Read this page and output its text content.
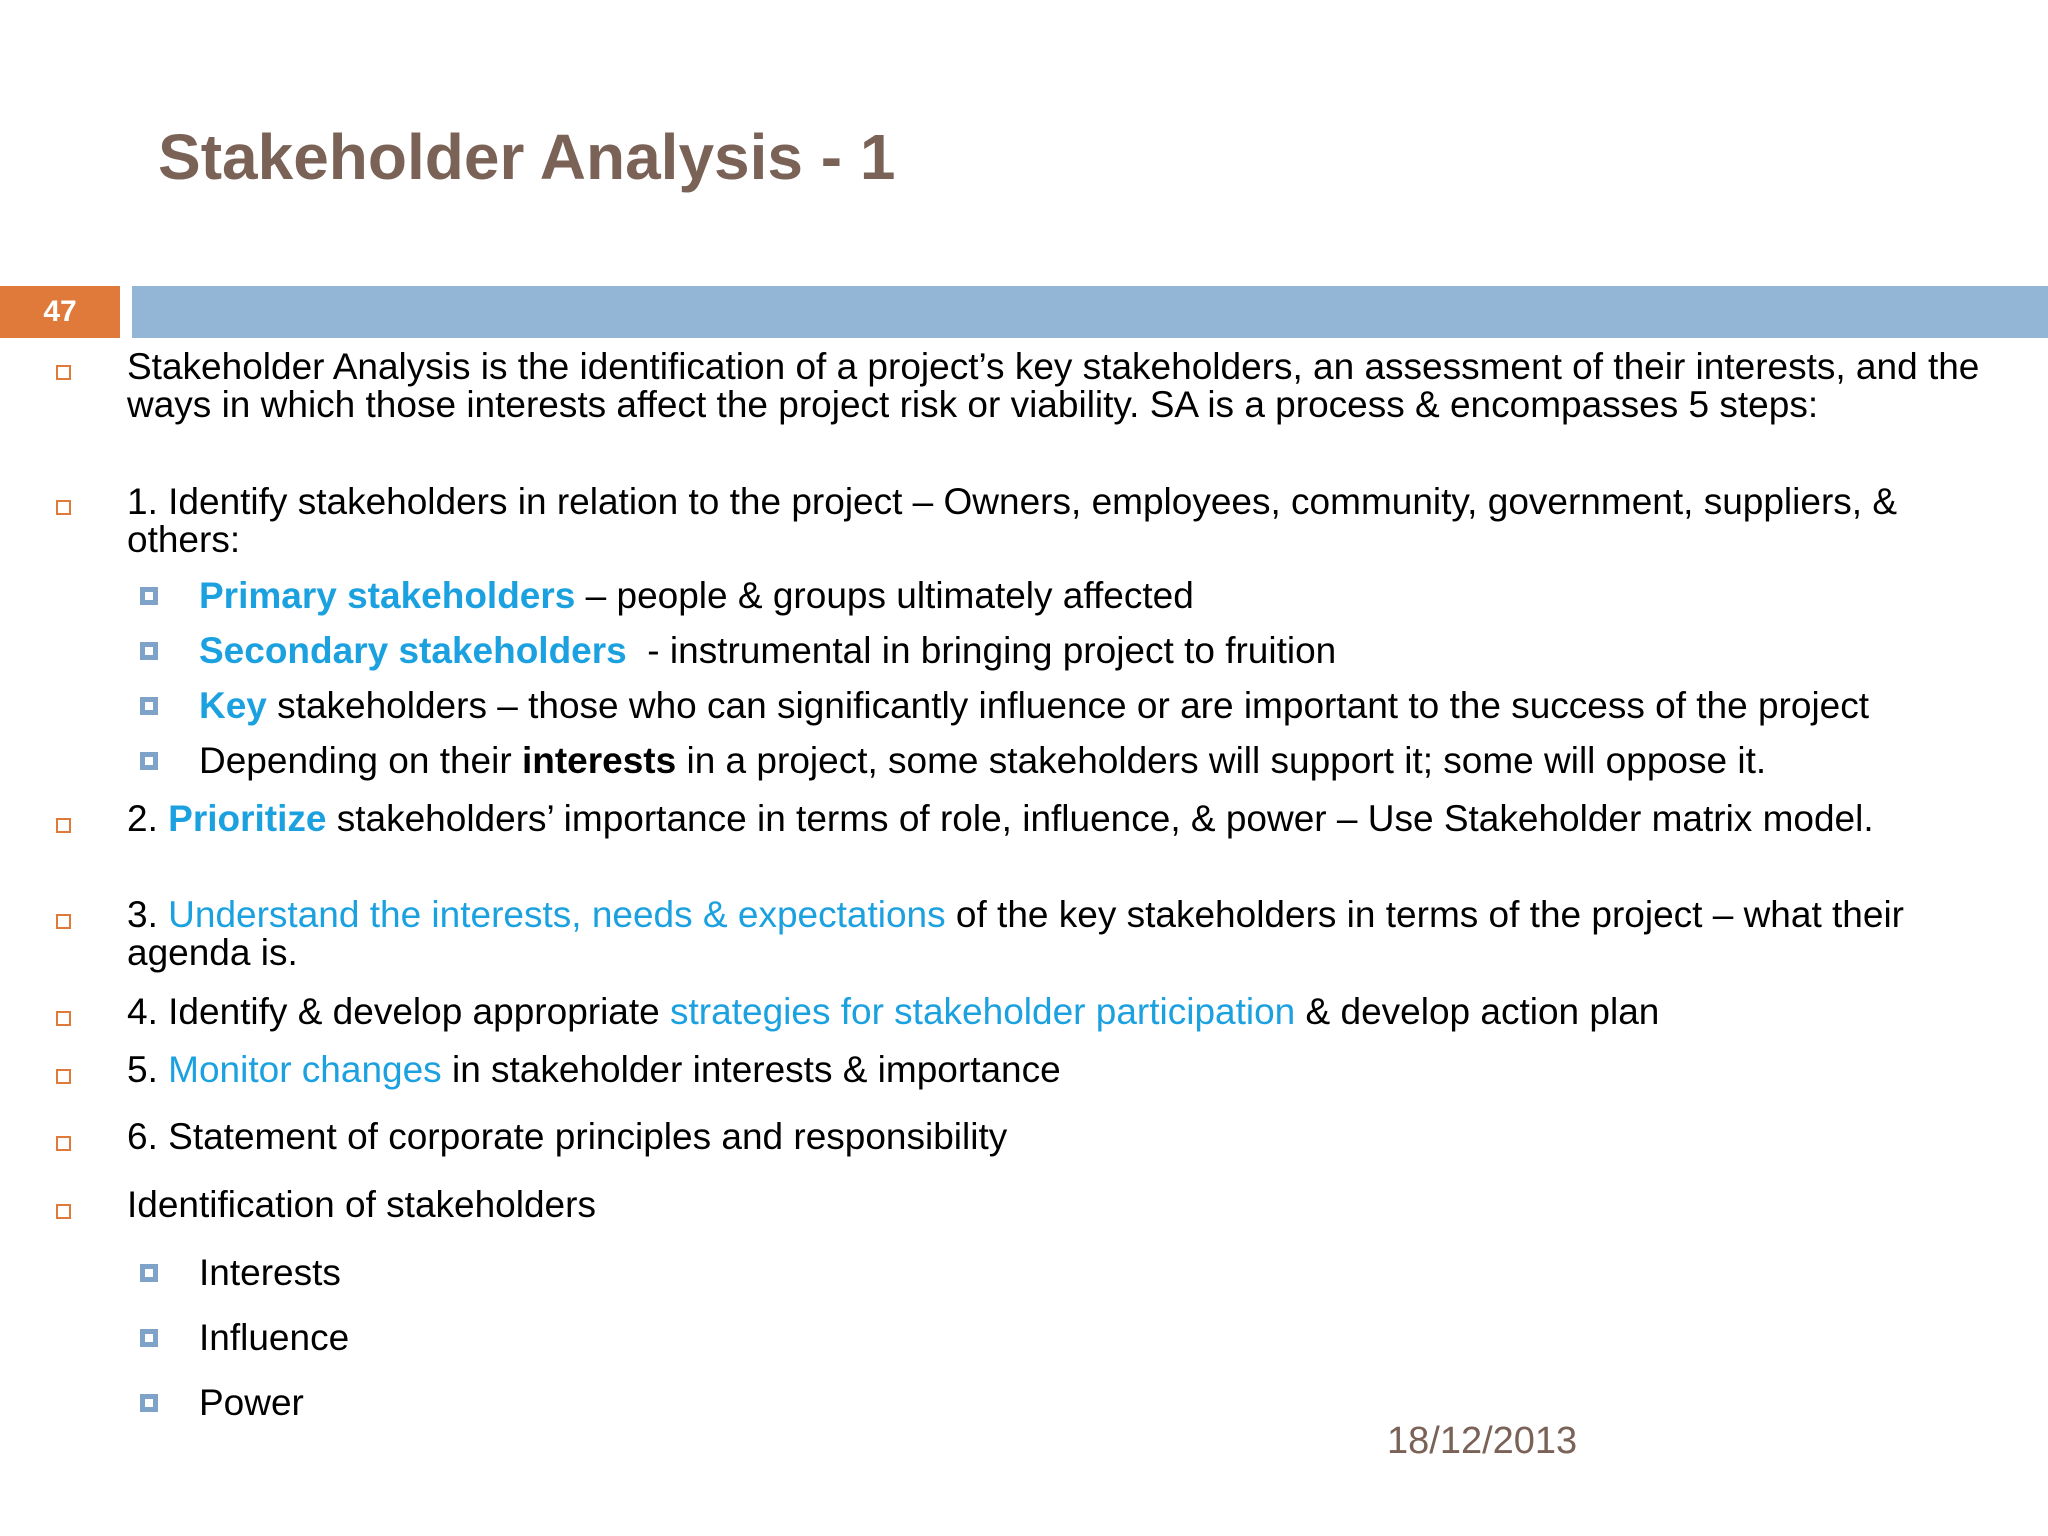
Stakeholder Analysis - 1
47
Stakeholder Analysis is the identification of a project’s key stakeholders, an assessment of their interests, and the ways in which those interests affect the project risk or viability. SA is a process & encompasses 5 steps:
1. Identify stakeholders in relation to the project – Owners, employees, community, government, suppliers, & others:
Primary stakeholders – people & groups ultimately affected
Secondary stakeholders  - instrumental in bringing project to fruition
Key stakeholders – those who can significantly influence or are important to the success of the project
Depending on their interests in a project, some stakeholders will support it; some will oppose it.
2. Prioritize stakeholders’ importance in terms of role, influence, & power – Use Stakeholder matrix model.
3. Understand the interests, needs & expectations of the key stakeholders in terms of the project – what their agenda is.
4. Identify & develop appropriate strategies for stakeholder participation & develop action plan
5. Monitor changes in stakeholder interests & importance
6. Statement of corporate principles and responsibility
Identification of stakeholders
Interests
Influence
Power
18/12/2013
